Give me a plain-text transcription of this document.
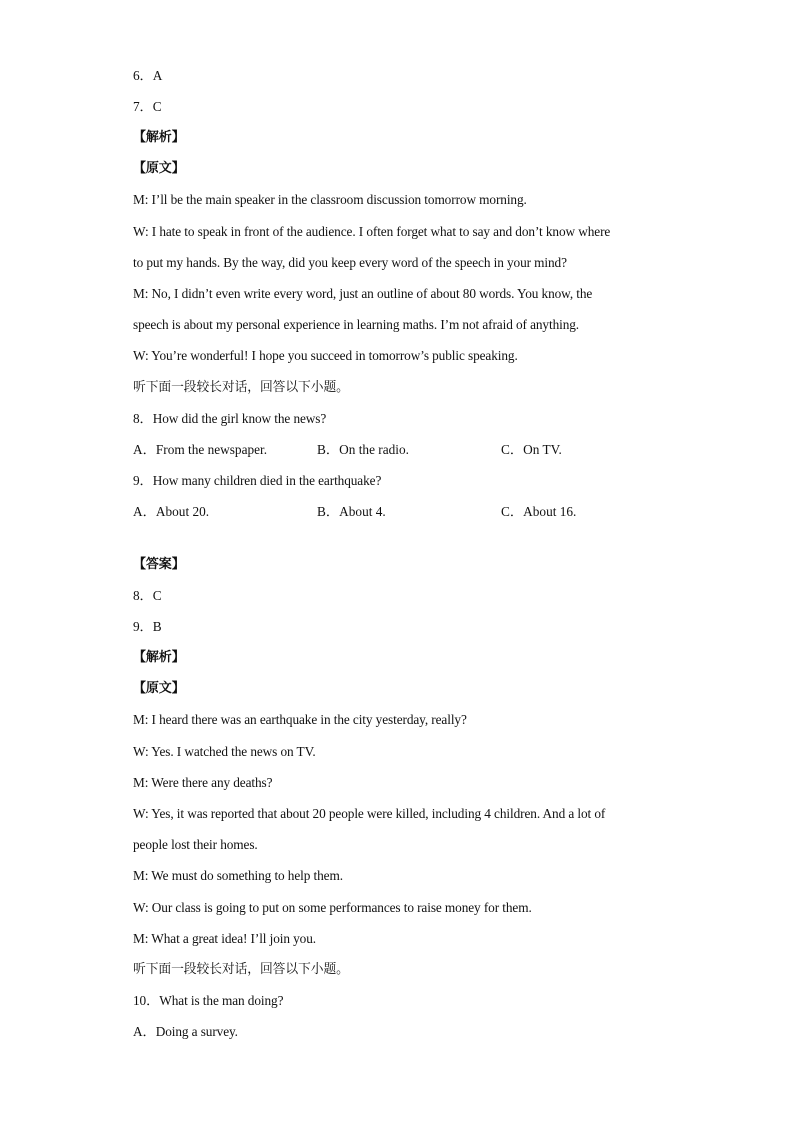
6．A
7．C
【解析】
【原文】
M: I’ll be the main speaker in the classroom discussion tomorrow morning.
W: I hate to speak in front of the audience. I often forget what to say and don’t know where
to put my hands. By the way, did you keep every word of the speech in your mind?
M: No, I didn’t even write every word, just an outline of about 80 words. You know, the
speech is about my personal experience in learning maths. I’m not afraid of anything.
W: You’re wonderful! I hope you succeed in tomorrow’s public speaking.
听下面一段较长对话，回答以下小题。
8．How did the girl know the news?
A．From the newspaper.	B．On the radio.	C．On TV.
9．How many children died in the earthquake?
A．About 20.	B．About 4.	C．About 16.
【答案】
8．C
9．B
【解析】
【原文】
M: I heard there was an earthquake in the city yesterday, really?
W: Yes. I watched the news on TV.
M: Were there any deaths?
W: Yes, it was reported that about 20 people were killed, including 4 children. And a lot of
people lost their homes.
M: We must do something to help them.
W: Our class is going to put on some performances to raise money for them.
M: What a great idea! I’ll join you.
听下面一段较长对话，回答以下小题。
10．What is the man doing?
A．Doing a survey.
